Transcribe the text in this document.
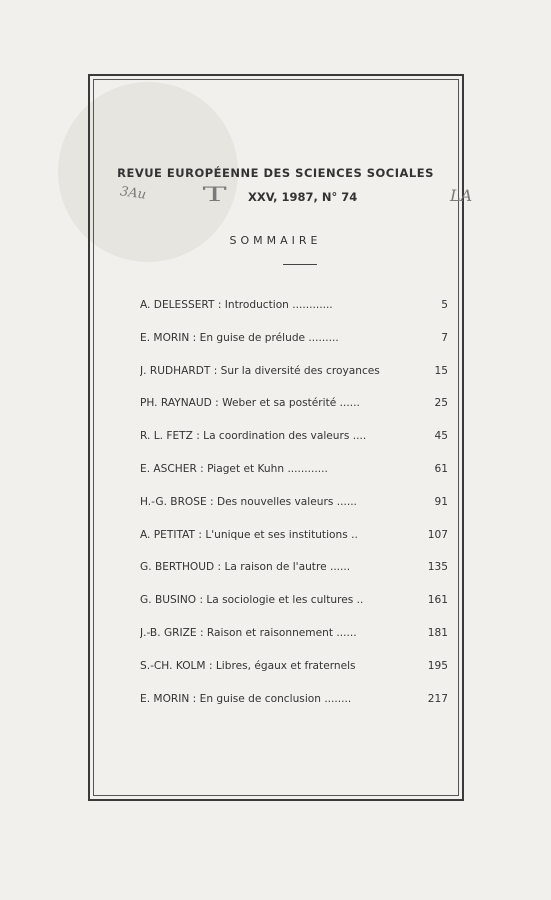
REVUE EUROPÉENNE DES SCIENCES SOCIALES
XXV, 1987, N° 74
3Au	T	LA
SOMMAIRE
A. DELESSERT : Introduction ............	5
E. MORIN : En guise de prélude .........	7
J. RUDHARDT : Sur la diversité des croyances	15
PH. RAYNAUD : Weber et sa postérité ......	25
R. L. FETZ : La coordination des valeurs ....	45
E. ASCHER : Piaget et Kuhn ............	61
H.-G. BROSE : Des nouvelles valeurs ......	91
A. PETITAT : L'unique et ses institutions ..	107
G. BERTHOUD : La raison de l'autre ......	135
G. BUSINO : La sociologie et les cultures ..	161
J.-B. GRIZE : Raison et raisonnement ......	181
S.-CH. KOLM : Libres, égaux et fraternels	195
E. MORIN : En guise de conclusion ........	217
